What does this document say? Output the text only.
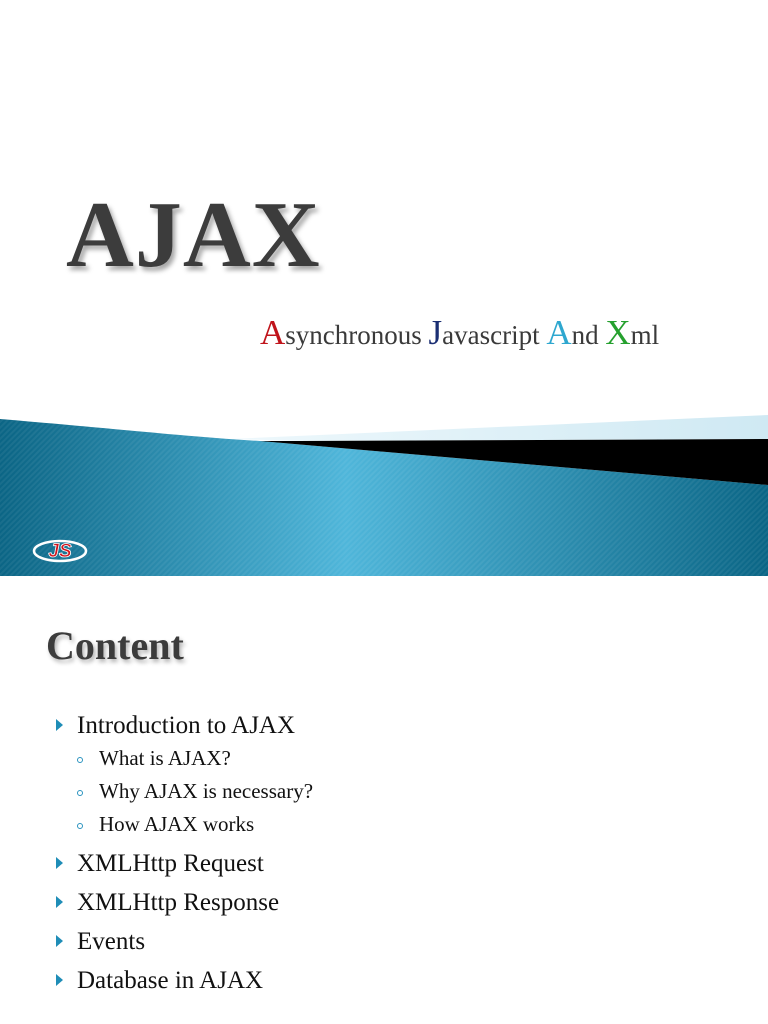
AJAX

Asynchronous Javascript And Xml

JS
Content
Introduction to AJAX
What is AJAX?
Why AJAX is necessary?
How AJAX works
XMLHttp Request
XMLHttp Response
Events
Database in AJAX
